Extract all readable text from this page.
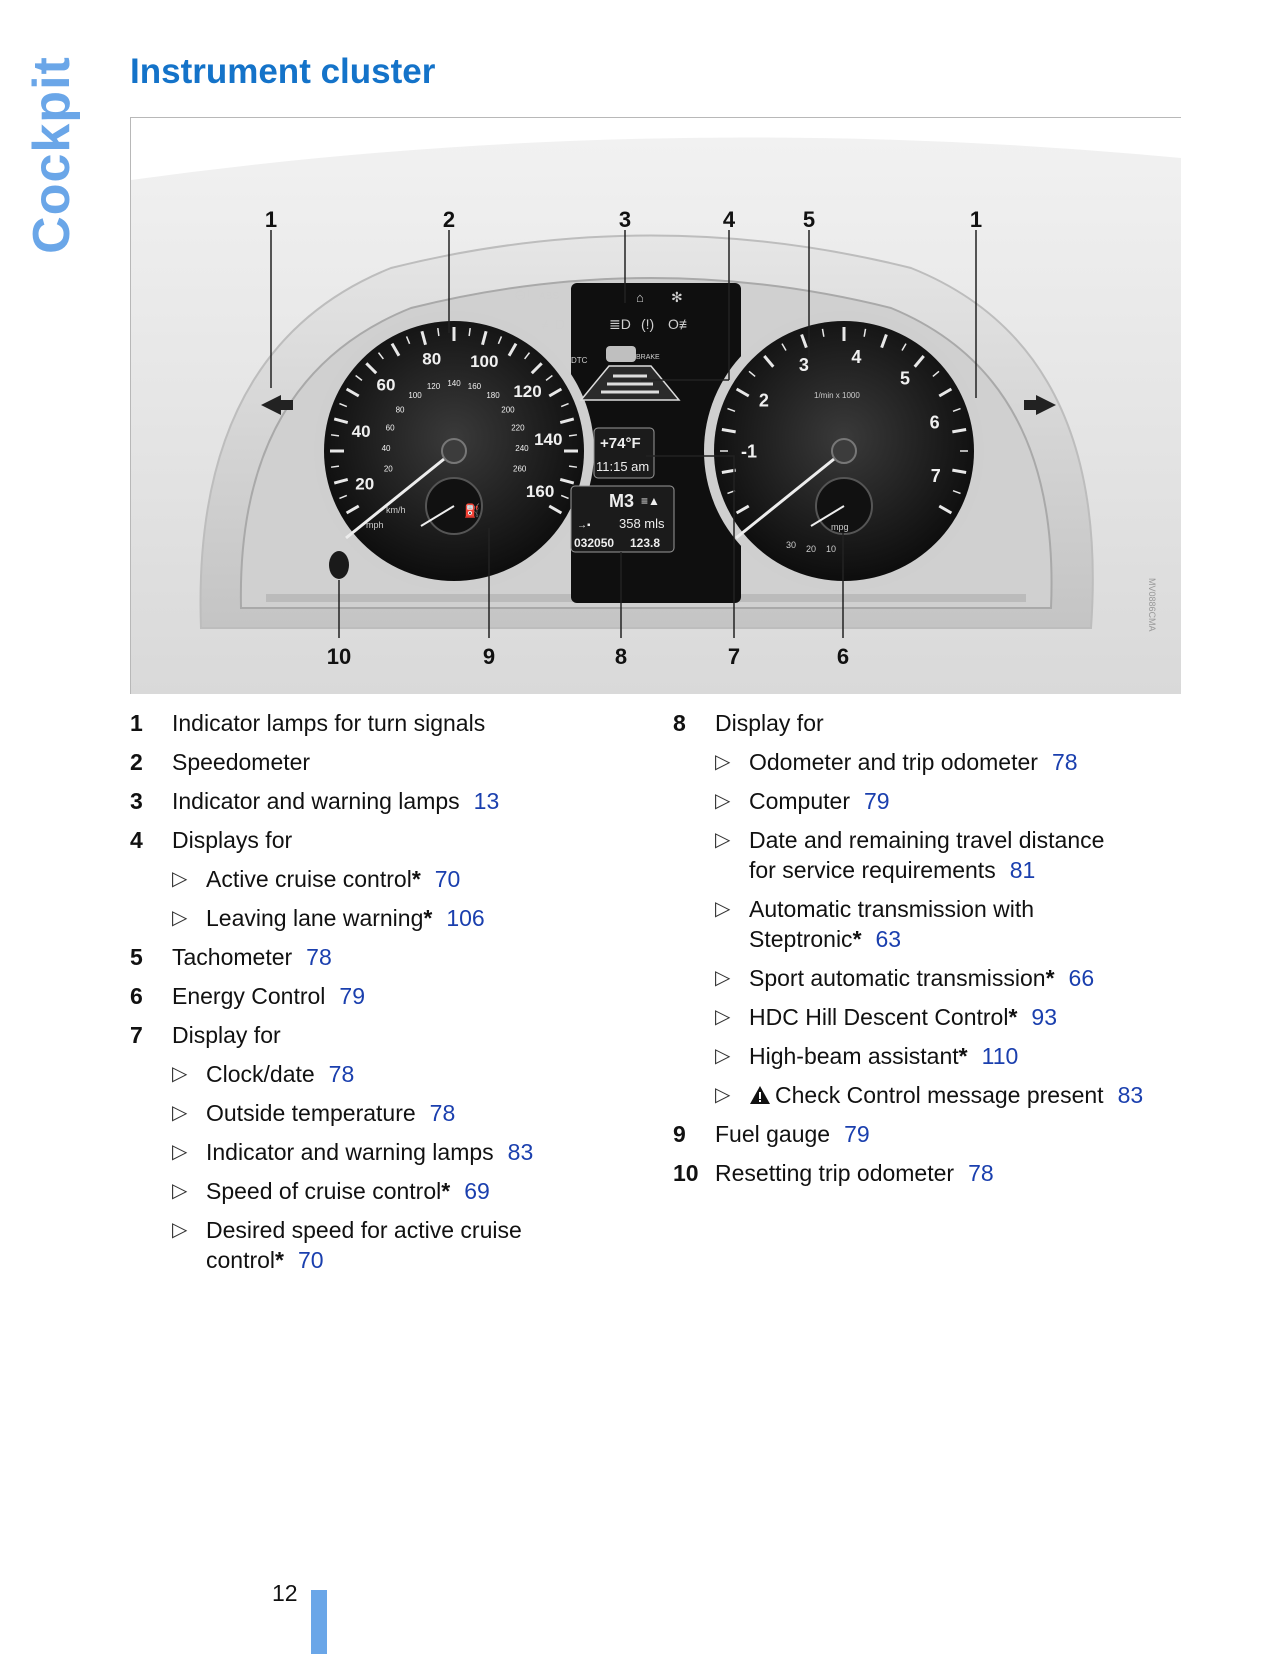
Cockpit Instrument cluster
20
40
60
80 100
120
140
160
20
40
60
80
100
120 140 160
180
200
220
240
260
-1
2
3 4
5
6
7
⛽
km/h
mph	mpg
30 20 10
1/min x 1000
⊝! ABS
≢D	≣D (!) O≢
⌂ ✻
DTC	BRAKE
+74°F
11:15 am
M3 ≡▲
→▪ 358 mls
032050 123.8
1	2	3	4	5	1
10	9	8	7	6
MV0886CMA
1 Indicator lamps for turn signals
2 Speedometer
3 Indicator and warning lamps 13
4 Displays for
▷ Active cruise control* 70
▷ Leaving lane warning* 106
5 Tachometer 78
6 Energy Control 79
7 Display for
▷ Clock/date 78
▷ Outside temperature 78
▷ Indicator and warning lamps 83
▷ Speed of cruise control* 69
▷ Desired speed for active cruise
control* 70
8 Display for
▷ Odometer and trip odometer 78
▷ Computer 79
▷ Date and remaining travel distance
for service requirements 81
▷ Automatic transmission with
Steptronic* 63
▷ Sport automatic transmission* 66
▷ HDC Hill Descent Control* 93
▷ High-beam assistant* 110
▷ Check Control message present 83
9 Fuel gauge 79
10 Resetting trip odometer 78
12
